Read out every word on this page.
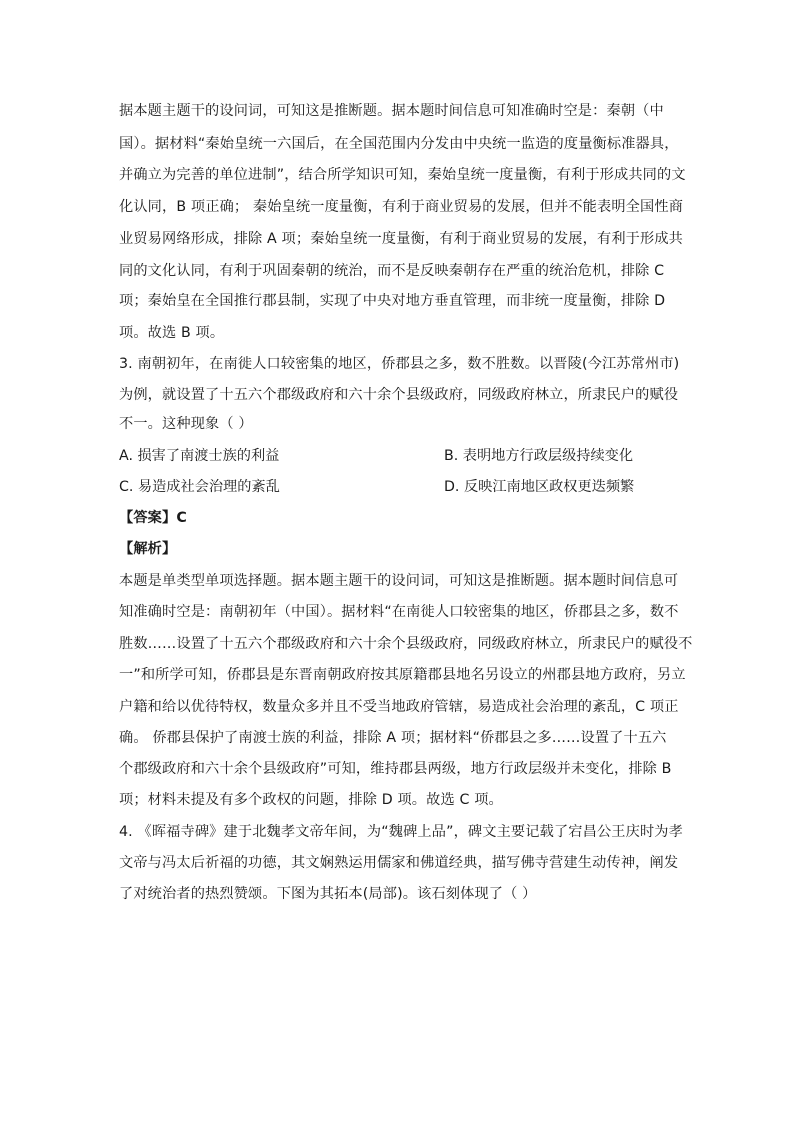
据本题主题干的设问词，可知这是推断题。据本题时间信息可知准确时空是：秦朝（中
国）。据材料“秦始皇统一六国后，在全国范围内分发由中央统一监造的度量衡标准器具，
并确立为完善的单位进制”，结合所学知识可知，秦始皇统一度量衡，有利于形成共同的文
化认同，B 项正确； 秦始皇统一度量衡，有利于商业贸易的发展，但并不能表明全国性商
业贸易网络形成，排除 A 项；秦始皇统一度量衡，有利于商业贸易的发展，有利于形成共
同的文化认同，有利于巩固秦朝的统治，而不是反映秦朝存在严重的统治危机，排除 C
项；秦始皇在全国推行郡县制，实现了中央对地方垂直管理，而非统一度量衡，排除 D
项。故选 B 项。
3. 南朝初年，在南徙人口较密集的地区，侨郡县之多，数不胜数。以晋陵(今江苏常州市)
为例，就设置了十五六个郡级政府和六十余个县级政府，同级政府林立，所隶民户的赋役
不一。这种现象（ ）
A. 损害了南渡士族的利益	B. 表明地方行政层级持续变化
C. 易造成社会治理的紊乱	D. 反映江南地区政权更迭频繁
【答案】C
【解析】
本题是单类型单项选择题。据本题主题干的设问词，可知这是推断题。据本题时间信息可
知准确时空是：南朝初年（中国）。据材料“在南徙人口较密集的地区，侨郡县之多，数不
胜数……设置了十五六个郡级政府和六十余个县级政府，同级政府林立，所隶民户的赋役不
一”和所学可知，侨郡县是东晋南朝政府按其原籍郡县地名另设立的州郡县地方政府，另立
户籍和给以优待特权，数量众多并且不受当地政府管辖，易造成社会治理的紊乱，C 项正
确。 侨郡县保护了南渡士族的利益，排除 A 项；据材料“侨郡县之多……设置了十五六
个郡级政府和六十余个县级政府”可知，维持郡县两级，地方行政层级并未变化，排除 B
项；材料未提及有多个政权的问题，排除 D 项。故选 C 项。
4. 《晖福寺碑》建于北魏孝文帝年间，为“魏碑上品”，碑文主要记载了宕昌公王庆时为孝
文帝与冯太后祈福的功德，其文娴熟运用儒家和佛道经典，描写佛寺营建生动传神，阐发
了对统治者的热烈赞颂。下图为其拓本(局部)。该石刻体现了（ ）
